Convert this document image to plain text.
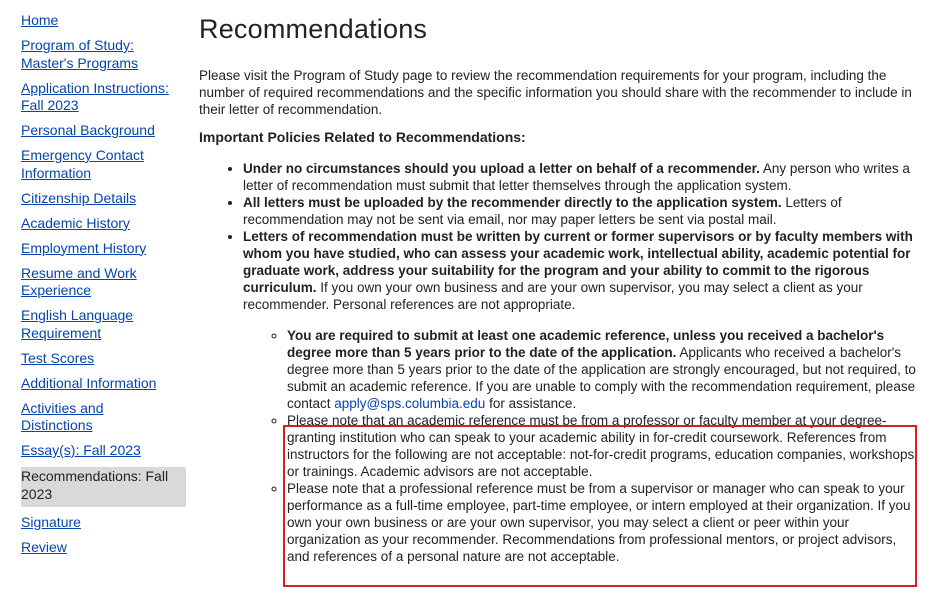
Home
Program of Study:
Master's Programs
Application Instructions:
Fall 2023
Personal Background
Emergency Contact
Information
Citizenship Details
Academic History
Employment History
Resume and Work
Experience
English Language
Requirement
Test Scores
Additional Information
Activities and
Distinctions
Essay(s): Fall 2023
Recommendations: Fall
2023
Signature
Review
Recommendations

Please visit the Program of Study page to review the recommendation requirements for your program, including the number of required recommendations and the specific information you should share with the recommender to include in their letter of recommendation.

Important Policies Related to Recommendations:
• Under no circumstances should you upload a letter on behalf of a recommender. Any person who writes a letter of recommendation must submit that letter themselves through the application system.
• All letters must be uploaded by the recommender directly to the application system. Letters of recommendation may not be sent via email, nor may paper letters be sent via postal mail.
• Letters of recommendation must be written by current or former supervisors or by faculty members with whom you have studied, who can assess your academic work, intellectual ability, academic potential for graduate work, address your suitability for the program and your ability to commit to the rigorous curriculum. If you own your own business and are your own supervisor, you may select a client as your recommender. Personal references are not appropriate.
◦ You are required to submit at least one academic reference, unless you received a bachelor's degree more than 5 years prior to the date of the application. Applicants who received a bachelor's degree more than 5 years prior to the date of the application are strongly encouraged, but not required, to submit an academic reference. If you are unable to comply with the recommendation requirement, please contact apply@sps.columbia.edu for assistance.
◦ Please note that an academic reference must be from a professor or faculty member at your degree-granting institution who can speak to your academic ability in for-credit coursework. References from instructors for the following are not acceptable: not-for-credit programs, education companies, workshops, or trainings. Academic advisors are not acceptable.
◦ Please note that a professional reference must be from a supervisor or manager who can speak to your performance as a full-time employee, part-time employee, or intern employed at their organization. If you own your own business or are your own supervisor, you may select a client or peer within your organization as your recommender. Recommendations from professional mentors, or project advisors, and references of a personal nature are not acceptable.
